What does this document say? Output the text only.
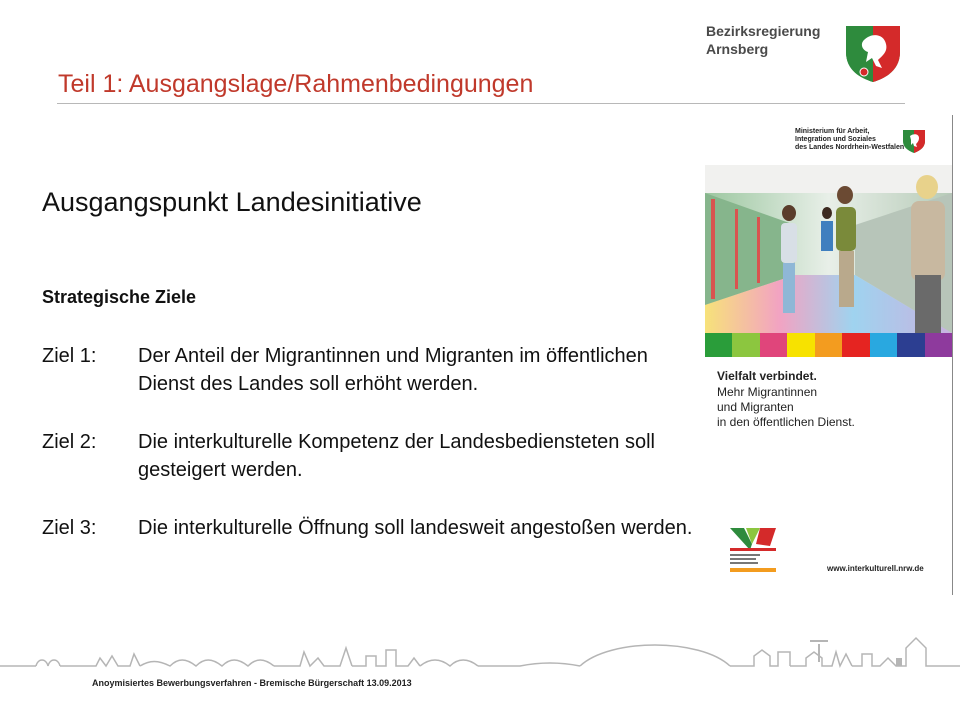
Bezirksregierung
Arnsberg
Teil 1: Ausgangslage/Rahmenbedingungen
Ausgangspunkt Landesinitiative
Strategische Ziele
Ziel 1:	Der Anteil der Migrantinnen und Migranten im öffentlichen Dienst des Landes soll erhöht werden.
Ziel 2:	Die interkulturelle Kompetenz der Landesbediensteten soll gesteigert werden.
Ziel 3:	Die interkulturelle Öffnung soll landesweit angestoßen werden.
Ministerium für Arbeit,
Integration und Soziales
des Landes Nordrhein-Westfalen
Vielfalt verbindet.
Mehr Migrantinnen
und Migranten
in den öffentlichen Dienst.
www.interkulturell.nrw.de
Anoymisiertes Bewerbungsverfahren - Bremische Bürgerschaft 13.09.2013
